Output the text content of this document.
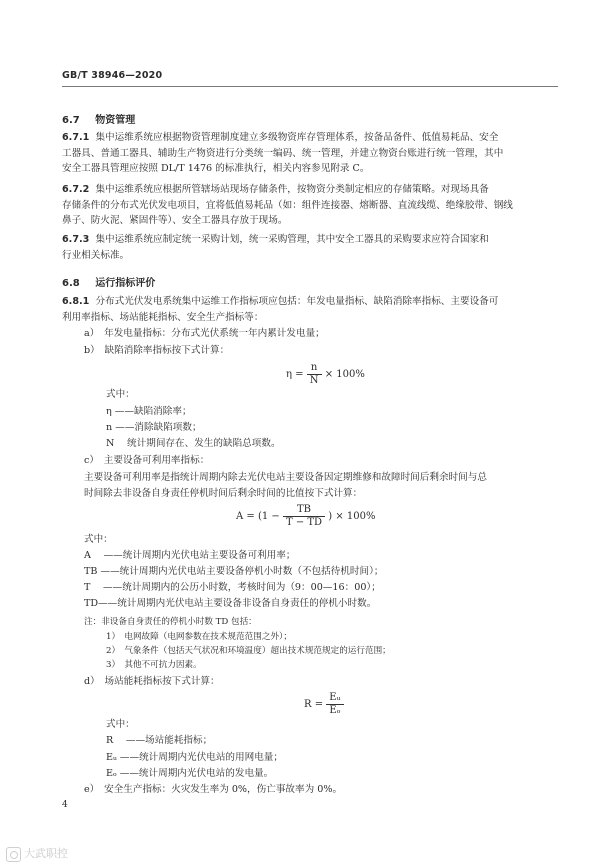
GB/T 38946—2020
6.7 物资管理
6.7.1 集中运维系统应根据物资管理制度建立多级物资库存管理体系，按备品备件、低值易耗品、安全
工器具、普通工器具、辅助生产物资进行分类统一编码、统一管理，并建立物资台账进行统一管理，其中
安全工器具管理应按照 DL/T 1476 的标准执行，相关内容参见附录 C。
6.7.2 集中运维系统应根据所管辖场站现场存储条件，按物资分类制定相应的存储策略。对现场具备
存储条件的分布式光伏发电项目，宜将低值易耗品（如：组件连接器、熔断器、直流线缆、绝缘胶带、钢线
鼻子、防火泥、紧固件等）、安全工器具存放于现场。
6.7.3 集中运维系统应制定统一采购计划，统一采购管理，其中安全工器具的采购要求应符合国家和
行业相关标准。
6.8 运行指标评价
6.8.1 分布式光伏发电系统集中运维工作指标项应包括：年发电量指标、缺陷消除率指标、主要设备可
利用率指标、场站能耗指标、安全生产指标等：
a）　年发电量指标：分布式光伏系统一年内累计发电量；
b）　缺陷消除率指标按下式计算：
$\eta = \frac{n}{N} \times 100\%$
式中：
η ——缺陷消除率；
n ——消除缺陷项数；
N 　统计期间存在、发生的缺陷总项数。
c）　主要设备可利用率指标：
主要设备可利用率是指统计周期内除去光伏电站主要设备因定期维修和故障时间后剩余时间与总
时间除去非设备自身责任停机时间后剩余时间的比值按下式计算：
$A = (1 - \frac{TB}{T - TD}$ ) × 100%
式中：
A 　——统计周期内光伏电站主要设备可利用率；
TB ——统计周期内光伏电站主要设备停机小时数（不包括待机时间）；
T 　——统计周期内的公历小时数，考核时间为（9：00—16：00）；
TD——统计周期内光伏电站主要设备非设备自身责任的停机小时数。
注：非设备自身责任的停机小时数 TD 包括：
1）　电网故障（电网参数在技术规范范围之外）；
2）　气象条件（包括天气状况和环境温度）超出技术规范规定的运行范围；
3）　其他不可抗力因素。
d）　场站能耗指标按下式计算：
$R = \frac{\text{Eᵤ}}{\text{Eₒ}}$
式中：
R 　——场站能耗指标；
Eᵤ ——统计周期内光伏电站的用网电量；
Eₒ ——统计周期内光伏电站的发电量。
e）　安全生产指标：火灾发生率为 0%，伤亡事故率为 0%。
4
大武职控
